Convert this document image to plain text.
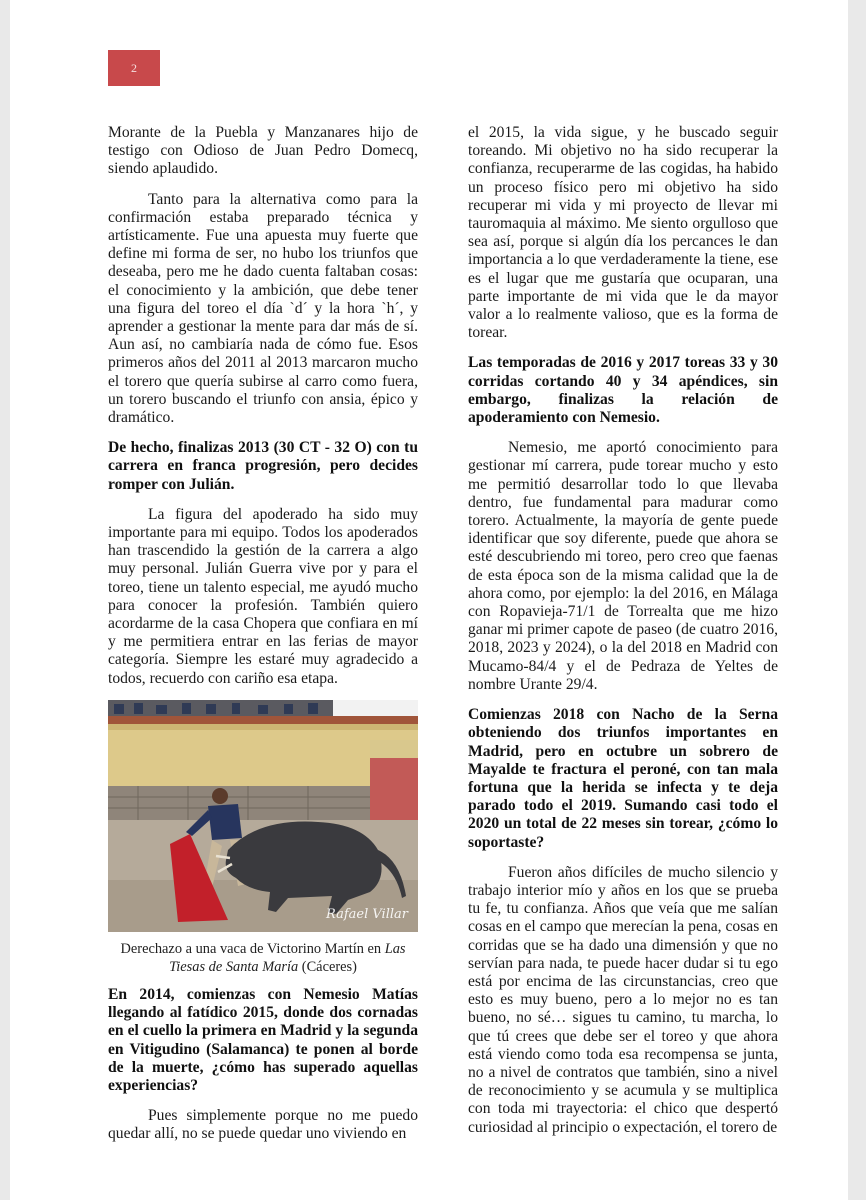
2

Morante de la Puebla y Manzanares hijo de testigo con Odioso de Juan Pedro Domecq, siendo aplaudido.

Tanto para la alternativa como para la confirmación estaba preparado técnica y artísticamente. Fue una apuesta muy fuerte que define mi forma de ser, no hubo los triunfos que deseaba, pero me he dado cuenta faltaban cosas: el conocimiento y la ambición, que debe tener una figura del toreo el día `d´ y la hora `h´, y aprender a gestionar la mente para dar más de sí. Aun así, no cambiaría nada de cómo fue. Esos primeros años del 2011 al 2013 marcaron mucho el torero que quería subirse al carro como fuera, un torero buscando el triunfo con ansia, épico y dramático.

De hecho, finalizas 2013 (30 CT - 32 O) con tu carrera en franca progresión, pero decides romper con Julián.

La figura del apoderado ha sido muy importante para mi equipo. Todos los apoderados han trascendido la gestión de la carrera a algo muy personal. Julián Guerra vive por y para el toreo, tiene un talento especial, me ayudó mucho para conocer la profesión. También quiero acordarme de la casa Chopera que confiara en mí y me permitiera entrar en las ferias de mayor categoría. Siempre les estaré muy agradecido a todos, recuerdo con cariño esa etapa.

Rafael Villar
Derechazo a una vaca de Victorino Martín en Las Tiesas de Santa María (Cáceres)

En 2014, comienzas con Nemesio Matías llegando al fatídico 2015, donde dos cornadas en el cuello la primera en Madrid y la segunda en Vitigudino (Salamanca) te ponen al borde de la muerte, ¿cómo has superado aquellas experiencias?

Pues simplemente porque no me puedo quedar allí, no se puede quedar uno viviendo en

el 2015, la vida sigue, y he buscado seguir toreando. Mi objetivo no ha sido recuperar la confianza, recuperarme de las cogidas, ha habido un proceso físico pero mi objetivo ha sido recuperar mi vida y mi proyecto de llevar mi tauromaquia al máximo. Me siento orgulloso que sea así, porque si algún día los percances le dan importancia a lo que verdaderamente la tiene, ese es el lugar que me gustaría que ocuparan, una parte importante de mi vida que le da mayor valor a lo realmente valioso, que es la forma de torear.

Las temporadas de 2016 y 2017 toreas 33 y 30 corridas cortando 40 y 34 apéndices, sin embargo, finalizas la relación de apoderamiento con Nemesio.

Nemesio, me aportó conocimiento para gestionar mí carrera, pude torear mucho y esto me permitió desarrollar todo lo que llevaba dentro, fue fundamental para madurar como torero. Actualmente, la mayoría de gente puede identificar que soy diferente, puede que ahora se esté descubriendo mi toreo, pero creo que faenas de esta época son de la misma calidad que la de ahora como, por ejemplo: la del 2016, en Málaga con Ropavieja-71/1 de Torrealta que me hizo ganar mi primer capote de paseo (de cuatro 2016, 2018, 2023 y 2024), o la del 2018 en Madrid con Mucamo-84/4 y el de Pedraza de Yeltes de nombre Urante 29/4.

Comienzas 2018 con Nacho de la Serna obteniendo dos triunfos importantes en Madrid, pero en octubre un sobrero de Mayalde te fractura el peroné, con tan mala fortuna que la herida se infecta y te deja parado todo el 2019. Sumando casi todo el 2020 un total de 22 meses sin torear, ¿cómo lo soportaste?

Fueron años difíciles de mucho silencio y trabajo interior mío y años en los que se prueba tu fe, tu confianza. Años que veía que me salían cosas en el campo que merecían la pena, cosas en corridas que se ha dado una dimensión y que no servían para nada, te puede hacer dudar si tu ego está por encima de las circunstancias, creo que esto es muy bueno, pero a lo mejor no es tan bueno, no sé… sigues tu camino, tu marcha, lo que tú crees que debe ser el toreo y que ahora está viendo como toda esa recompensa se junta, no a nivel de contratos que también, sino a nivel de reconocimiento y se acumula y se multiplica con toda mi trayectoria: el chico que despertó curiosidad al principio o expectación, el torero de
